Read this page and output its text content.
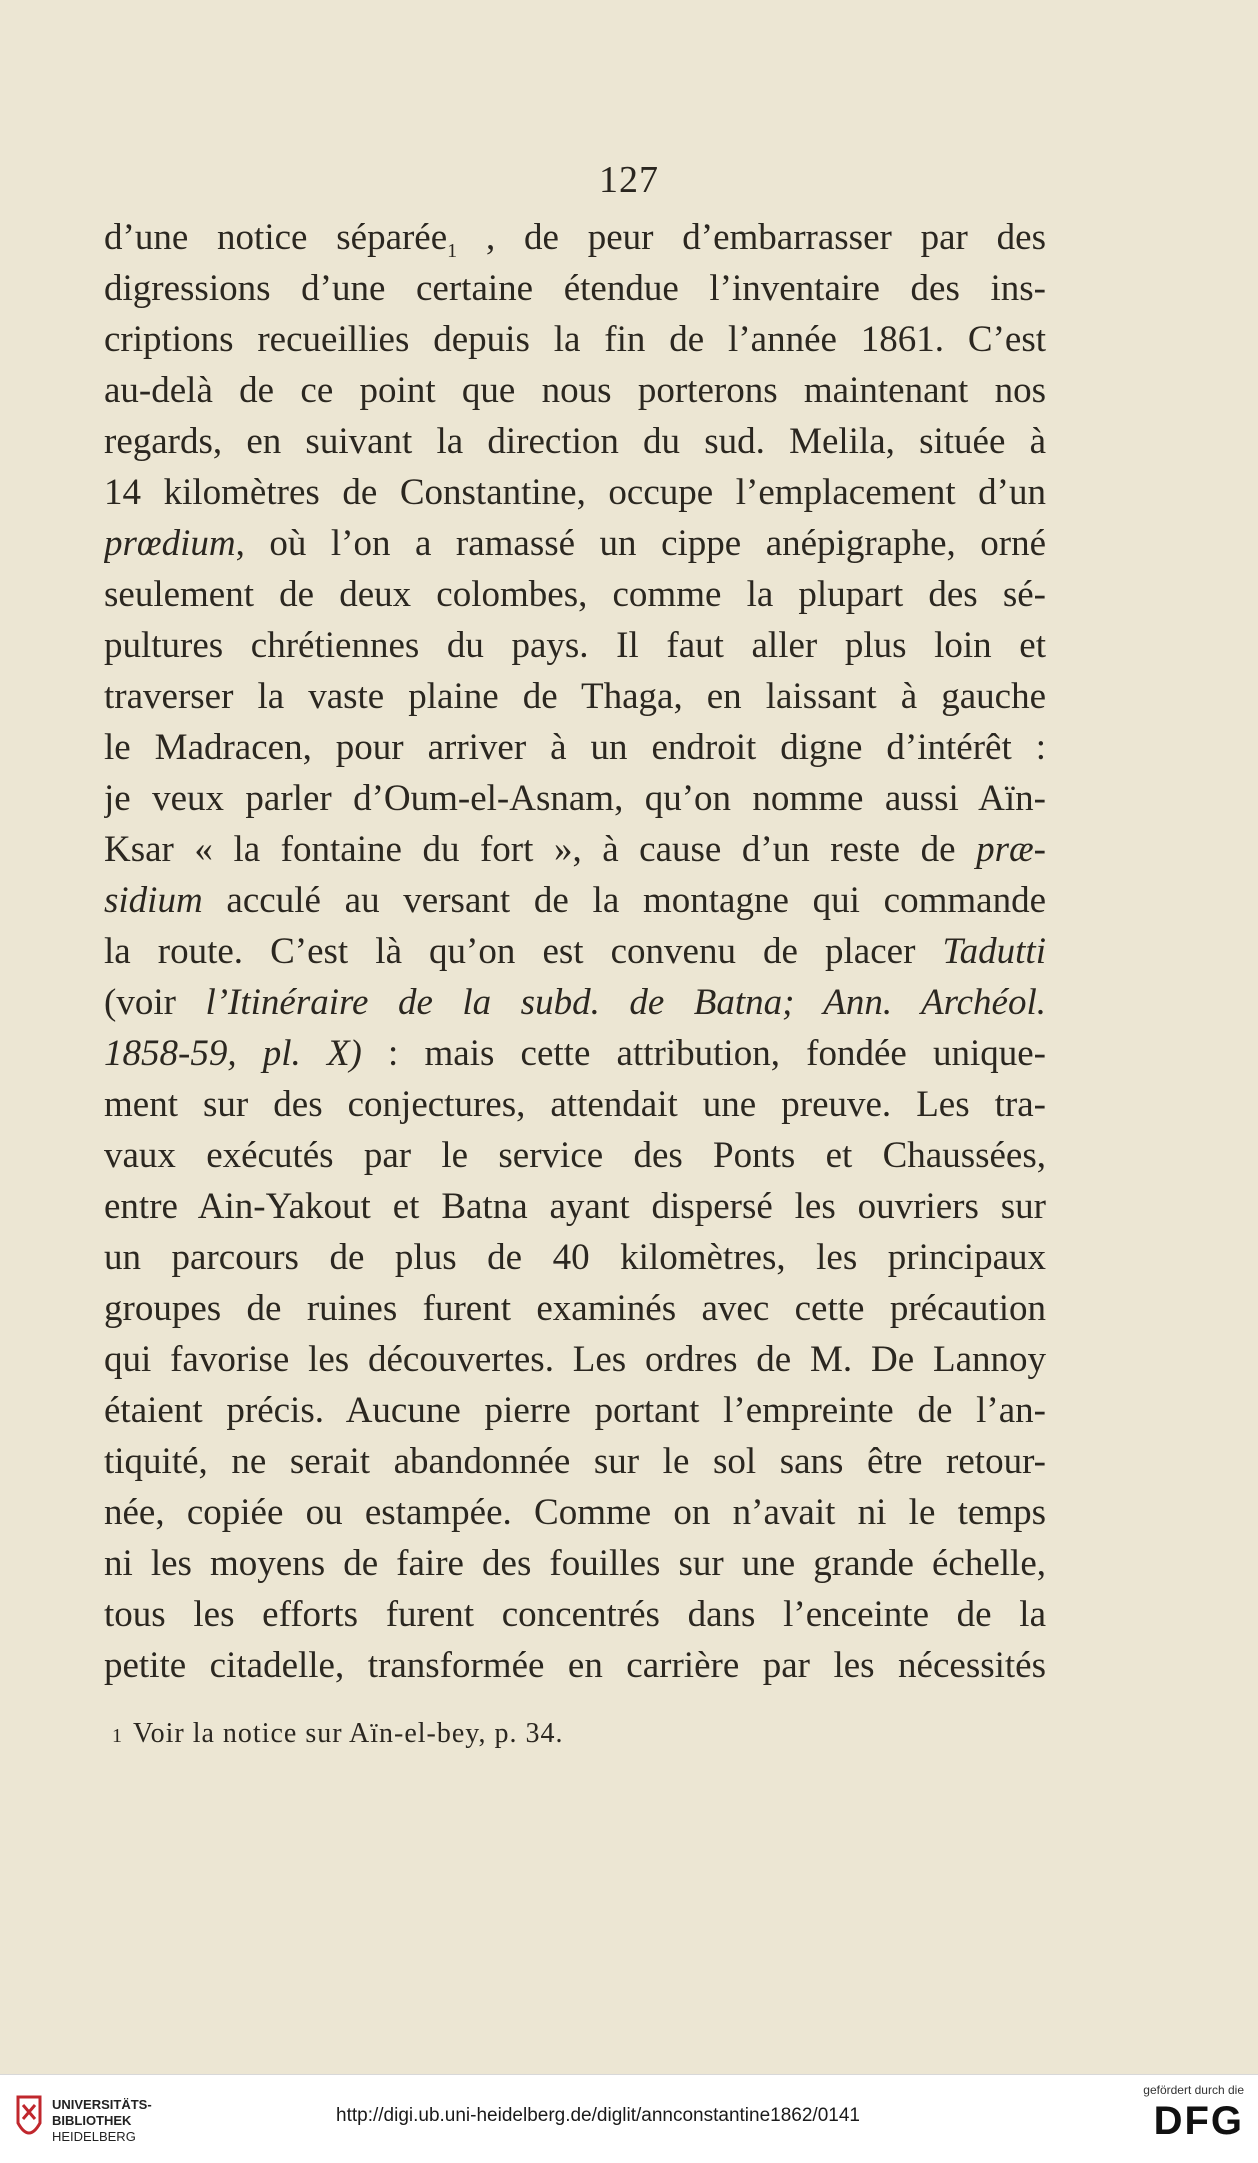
127
d’une notice séparée$_1$ , de peur d’embarrasser par des
digressions d’une certaine étendue l’inventaire des ins-
criptions recueillies depuis la fin de l’année 1861. C’est
au-delà de ce point que nous porterons maintenant nos
regards, en suivant la direction du sud. Melila, située à
14 kilomètres de Constantine, occupe l’emplacement d’un
prœdium, où l’on a ramassé un cippe anépigraphe, orné
seulement de deux colombes, comme la plupart des sé-
pultures chrétiennes du pays. Il faut aller plus loin et
traverser la vaste plaine de Thaga, en laissant à gauche
le Madracen, pour arriver à un endroit digne d’intérêt :
je veux parler d’Oum-el-Asnam, qu’on nomme aussi Aïn-
Ksar « la fontaine du fort », à cause d’un reste de præ-
sidium acculé au versant de la montagne qui commande
la route. C’est là qu’on est convenu de placer Tadutti
(voir l’Itinéraire de la subd. de Batna; Ann. Archéol.
1858-59, pl. X) : mais cette attribution, fondée unique-
ment sur des conjectures, attendait une preuve. Les tra-
vaux exécutés par le service des Ponts et Chaussées,
entre Ain-Yakout et Batna ayant dispersé les ouvriers sur
un parcours de plus de 40 kilomètres, les principaux
groupes de ruines furent examinés avec cette précaution
qui favorise les découvertes. Les ordres de M. De Lannoy
étaient précis. Aucune pierre portant l’empreinte de l’an-
tiquité, ne serait abandonnée sur le sol sans être retour-
née, copiée ou estampée. Comme on n’avait ni le temps
ni les moyens de faire des fouilles sur une grande échelle,
tous les efforts furent concentrés dans l’enceinte de la
petite citadelle, transformée en carrière par les nécessités
1 Voir la notice sur Aïn-el-bey, p. 34.
UNIVERSITÄTS-
BIBLIOTHEK
HEIDELBERG
http://digi.ub.uni-heidelberg.de/diglit/annconstantine1862/0141
gefördert durch die
DFG
